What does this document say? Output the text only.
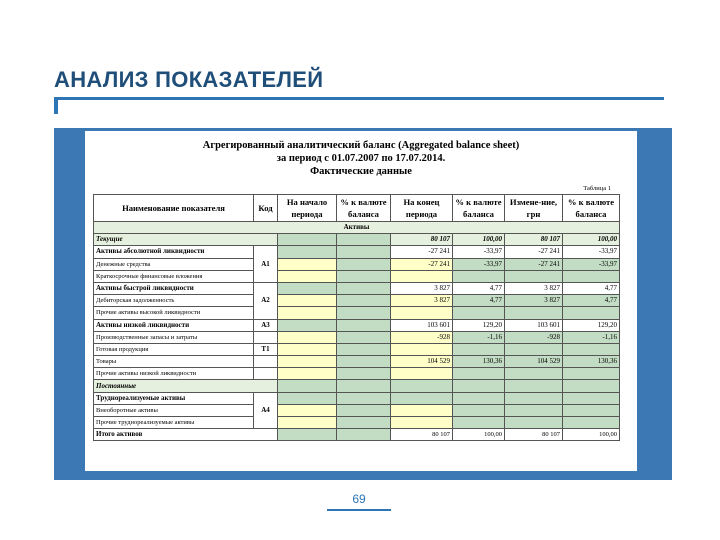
АНАЛИЗ ПОКАЗАТЕЛЕЙ
Агрегированный аналитический баланс (Aggregated balance sheet)
за период с 01.07.2007 по 17.07.2014.
Фактические данные
Таблица 1
Наименование показателя	Код	На начало периода	% к валюте баланса	На конец периода	% к валюте баланса	Измене-ние, грн	% к валюте баланса
Активы							
Текущие				80 107	100,00	80 107	100,00
Активы абсолютной ликвидности	А1			-27 241	-33,97	-27 241	-33,97
Денежные средства				-27 241	-33,97	-27 241	-33,97
Краткосрочные финансовые вложения							
Активы быстрой ликвидности	А2			3 827	4,77	3 827	4,77
Дебиторская задолженность				3 827	4,77	3 827	4,77
Прочие активы высокой ликвидности							
Активы низкой ликвидности	А3			103 601	129,20	103 601	129,20
Производственные запасы и затраты				-928	-1,16	-928	-1,16
Готовая продукция	Т1						
Товары				104 529	130,36	104 529	130,36
Прочие активы низкой ликвидности							
Постоянные							
Труднореализуемые активы	А4						
Внеоборотные активы							
Прочие труднореализуемые активы							
Итого активов				80 107	100,00	80 107	100,00
69
